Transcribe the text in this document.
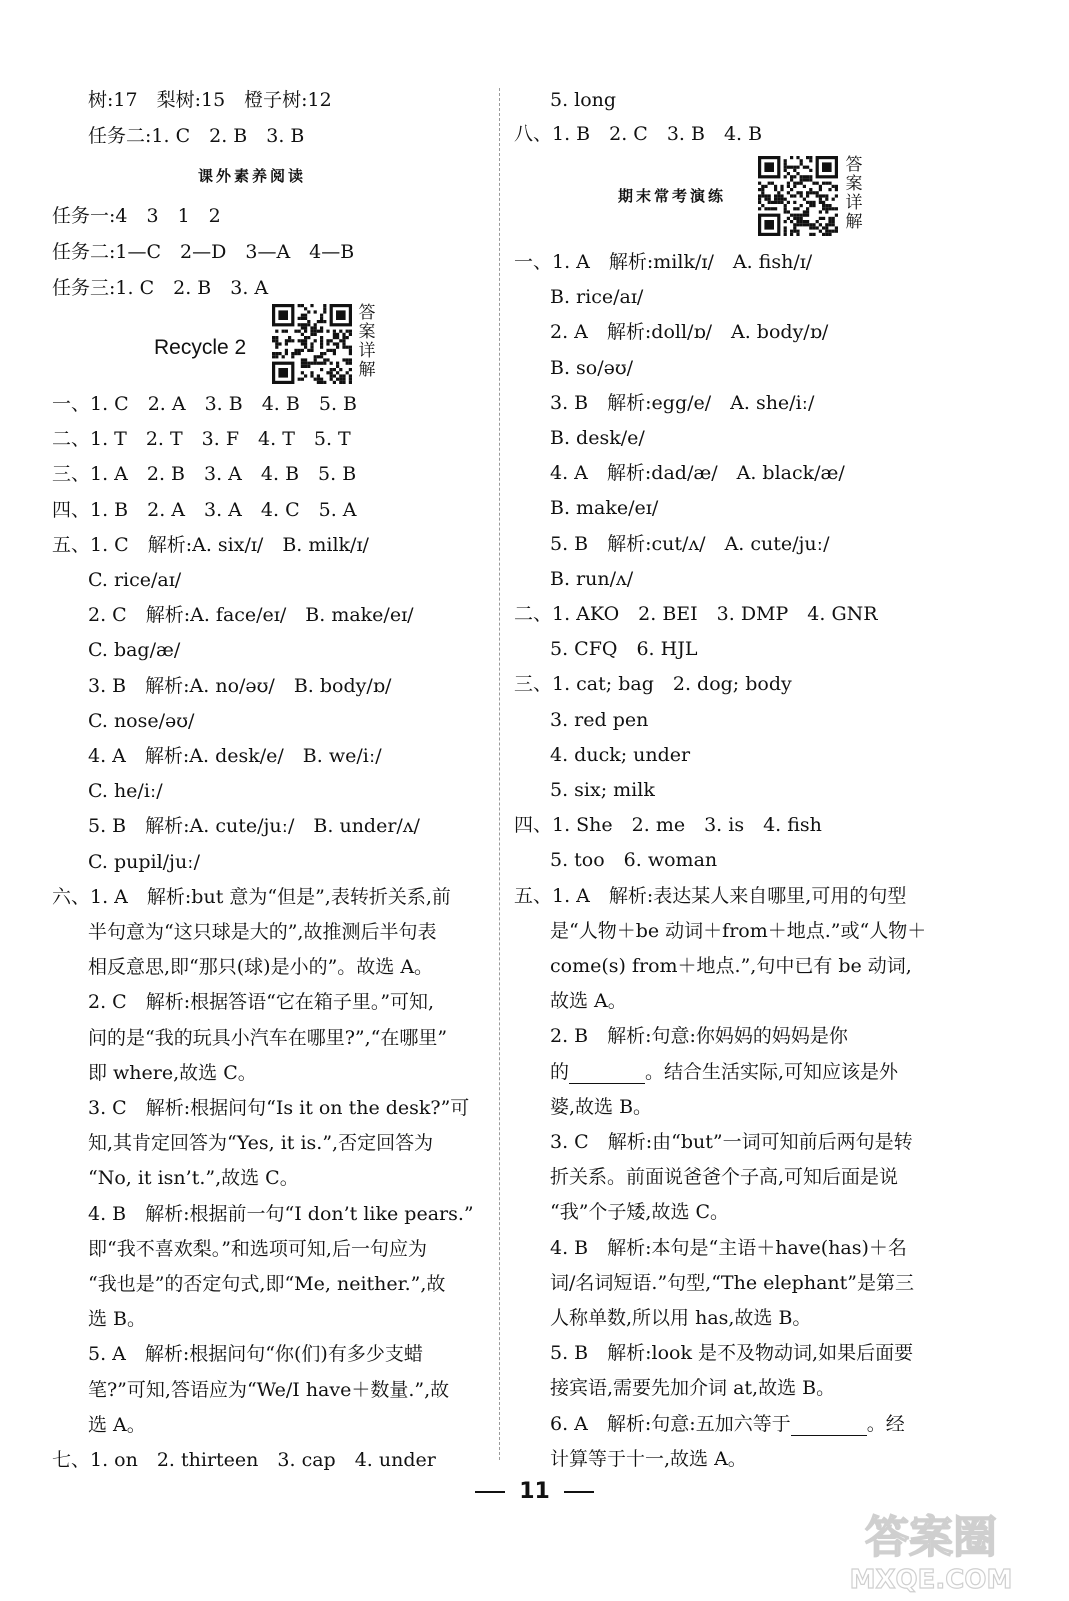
树:17　梨树:15　橙子树:12
任务二:1. C　2. B　3. B
课外素养阅读
任务一:4　3　1　2
任务二:1—C　2—D　3—A　4—B
任务三:1. C　2. B　3. A
Recycle 2
答
案
详
解
一、1. C　2. A　3. B　4. B　5. B
二、1. T　2. T　3. F　4. T　5. T
三、1. A　2. B　3. A　4. B　5. B
四、1. B　2. A　3. A　4. C　5. A
五、1. C　解析:A. six/ɪ/　B. milk/ɪ/
C. rice/aɪ/
2. C　解析:A. face/eɪ/　B. make/eɪ/
C. bag/æ/
3. B　解析:A. no/əʊ/　B. body/ɒ/
C. nose/əʊ/
4. A　解析:A. desk/e/　B. we/iː/
C. he/iː/
5. B　解析:A. cute/juː/　B. under/ʌ/
C. pupil/juː/
六、1. A　解析:but 意为“但是”,表转折关系,前
半句意为“这只球是大的”,故推测后半句表
相反意思,即“那只(球)是小的”。故选 A。
2. C　解析:根据答语“它在箱子里。”可知,
问的是“我的玩具小汽车在哪里?”,“在哪里”
即 where,故选 C。
3. C　解析:根据问句“Is it on the desk?”可
知,其肯定回答为“Yes, it is.”,否定回答为
“No, it isn’t.”,故选 C。
4. B　解析:根据前一句“I don’t like pears.”
即“我不喜欢梨。”和选项可知,后一句应为
“我也是”的否定句式,即“Me, neither.”,故
选 B。
5. A　解析:根据问句“你(们)有多少支蜡
笔?”可知,答语应为“We/I have＋数量.”,故
选 A。
七、1. on　2. thirteen　3. cap　4. under
5. long
八、1. B　2. C　3. B　4. B
期末常考演练
答
案
详
解
一、1. A　解析:milk/ɪ/　A. fish/ɪ/
B. rice/aɪ/
2. A　解析:doll/ɒ/　A. body/ɒ/
B. so/əʊ/
3. B　解析:egg/e/　A. she/iː/
B. desk/e/
4. A　解析:dad/æ/　A. black/æ/
B. make/eɪ/
5. B　解析:cut/ʌ/　A. cute/juː/
B. run/ʌ/
二、1. AKO　2. BEI　3. DMP　4. GNR
5. CFQ　6. HJL
三、1. cat; bag　2. dog; body
3. red pen
4. duck; under
5. six; milk
四、1. She　2. me　3. is　4. fish
5. too　6. woman
五、1. A　解析:表达某人来自哪里,可用的句型
是“人物＋be 动词＋from＋地点.”或“人物＋
come(s) from＋地点.”,句中已有 be 动词,
故选 A。
2. B　解析:句意:你妈妈的妈妈是你
的	。结合生活实际,可知应该是外
婆,故选 B。
3. C　解析:由“but”一词可知前后两句是转
折关系。前面说爸爸个子高,可知后面是说
“我”个子矮,故选 C。
4. B　解析:本句是“主语＋have(has)＋名
词/名词短语.”句型,“The elephant”是第三
人称单数,所以用 has,故选 B。
5. B　解析:look 是不及物动词,如果后面要
接宾语,需要先加介词 at,故选 B。
6. A　解析:句意:五加六等于	。经
计算等于十一,故选 A。
11
答案圈
MXQE.COM
